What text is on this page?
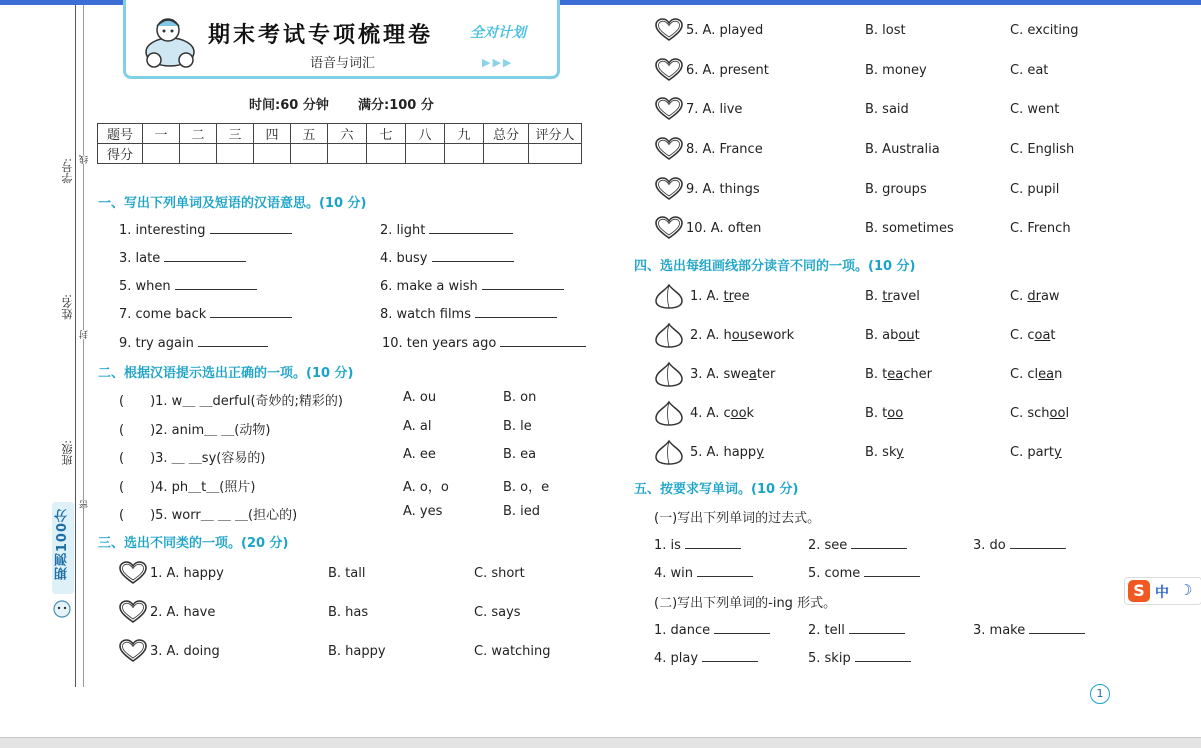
学号:
姓名:
班级:
线
封
密
期测100分
期末考试专项梳理卷	全对计划
语音与词汇	▶▶▶
时间:60 分钟 满分:100 分
题号	一	二	三	四	五	六	七	八	九	总分	评分人
得分											
一、写出下列单词及短语的汉语意思。(10 分)
1. interesting	2. light
3. late	4. busy
5. when	6. make a wish
7. come back	8. watch films
9. try again	10. ten years ago
二、根据汉语提示选出正确的一项。(10 分)
(　　)1. w＿ ＿derful(奇妙的;精彩的)	A. ou	B. on
(　　)2. anim＿ ＿(动物)	A. al	B. le
(　　)3. ＿ ＿sy(容易的)	A. ee	B. ea
(　　)4. ph＿t＿(照片)	A. o，o	B. o，e
(　　)5. worr＿ ＿ ＿(担心的)	A. yes	B. ied
三、选出不同类的一项。(20 分)
1. A. happy	B. tall	C. short
2. A. have	B. has	C. says
3. A. doing	B. happy	C. watching
5. A. played	B. lost	C. exciting
6. A. present	B. money	C. eat
7. A. live	B. said	C. went
8. A. France	B. Australia	C. English
9. A. things	B. groups	C. pupil
10. A. often	B. sometimes	C. French
四、选出每组画线部分读音不同的一项。(10 分)
1. A. tree	B. travel	C. draw
2. A. housework	B. about	C. coat
3. A. sweater	B. teacher	C. clean
4. A. cook	B. too	C. school
5. A. happy	B. sky	C. party
五、按要求写单词。(10 分)
(一)写出下列单词的过去式。
(二)写出下列单词的-ing 形式。
1. is	2. see	3. do
4. win	5. come
1. dance	2. tell	3. make
4. play	5. skip
S 中 ☽
1
